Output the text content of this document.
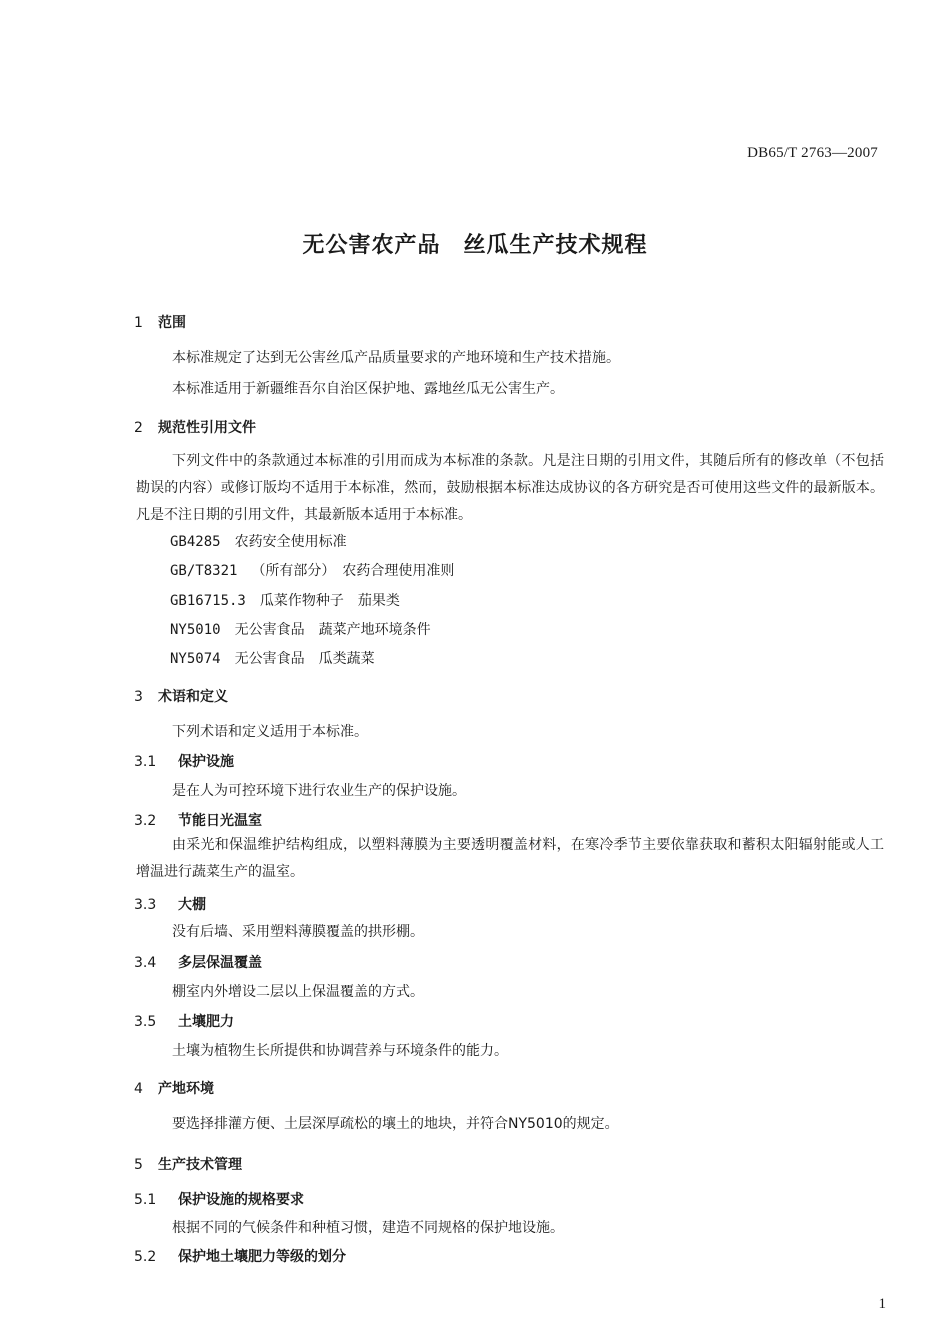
DB65/T 2763—2007
无公害农产品　丝瓜生产技术规程
1 范围
本标准规定了达到无公害丝瓜产品质量要求的产地环境和生产技术措施。
本标准适用于新疆维吾尔自治区保护地、露地丝瓜无公害生产。
2 规范性引用文件
下列文件中的条款通过本标准的引用而成为本标准的条款。凡是注日期的引用文件，其随后所有的修改单（不包括勘误的内容）或修订版均不适用于本标准，然而，鼓励根据本标准达成协议的各方研究是否可使用这些文件的最新版本。凡是不注日期的引用文件，其最新版本适用于本标准。
GB4285 农药安全使用标准
GB/T8321 （所有部分）　农药合理使用准则
GB16715.3 瓜菜作物种子　茄果类
NY5010 无公害食品　蔬菜产地环境条件
NY5074 无公害食品　瓜类蔬菜
3 术语和定义
下列术语和定义适用于本标准。
3.1 保护设施
是在人为可控环境下进行农业生产的保护设施。
3.2 节能日光温室
由采光和保温维护结构组成，以塑料薄膜为主要透明覆盖材料，在寒冷季节主要依靠获取和蓄积太阳辐射能或人工增温进行蔬菜生产的温室。
3.3 大棚
没有后墙、采用塑料薄膜覆盖的拱形棚。
3.4 多层保温覆盖
棚室内外增设二层以上保温覆盖的方式。
3.5 土壤肥力
土壤为植物生长所提供和协调营养与环境条件的能力。
4 产地环境
要选择排灌方便、土层深厚疏松的壤土的地块，并符合NY5010的规定。
5 生产技术管理
5.1 保护设施的规格要求
根据不同的气候条件和种植习惯，建造不同规格的保护地设施。
5.2 保护地土壤肥力等级的划分
1
